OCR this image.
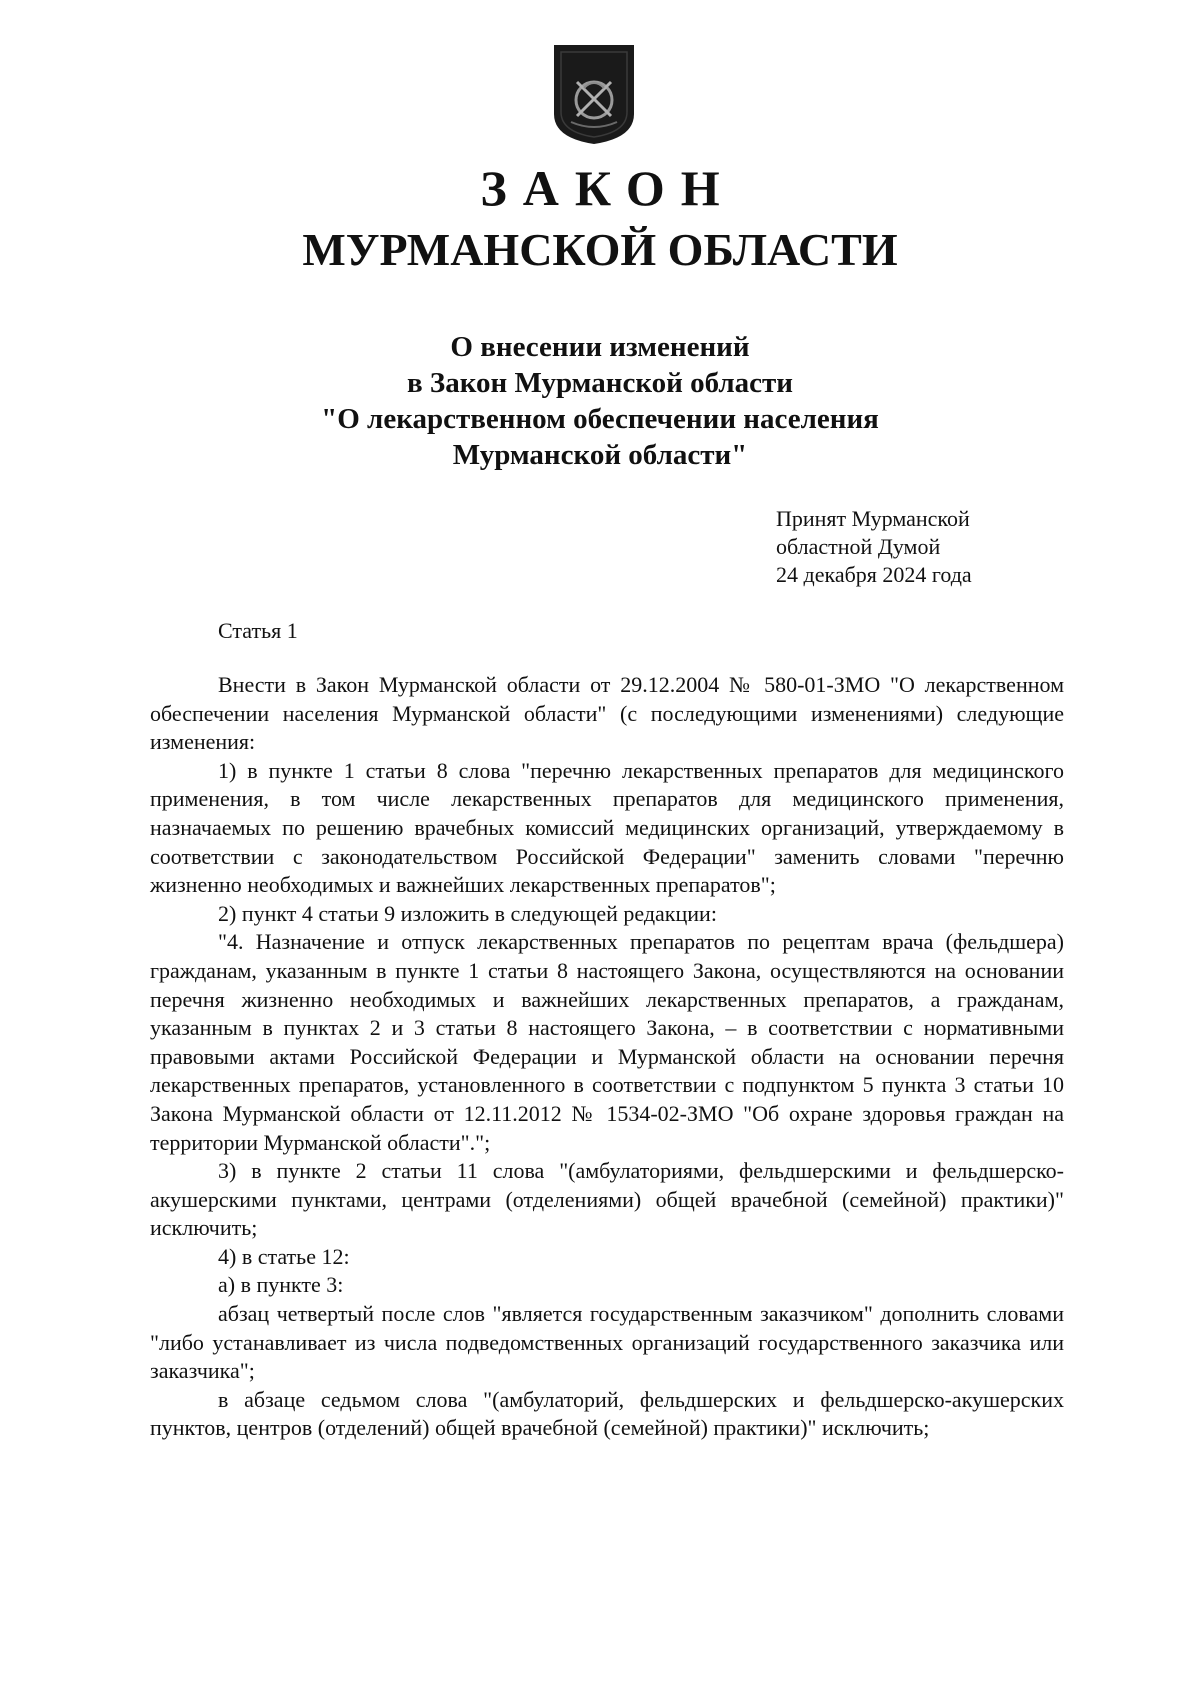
ЗАКОН
МУРМАНСКОЙ ОБЛАСТИ
О внесении изменений
в Закон Мурманской области
"О лекарственном обеспечении населения
Мурманской области"
Принят Мурманской
областной Думой
24 декабря 2024 года
Статья 1

Внести в Закон Мурманской области от 29.12.2004 № 580-01-ЗМО "О лекарственном обеспечении населения Мурманской области" (с последующими изменениями) следующие изменения:

1) в пункте 1 статьи 8 слова "перечню лекарственных препаратов для медицинского применения, в том числе лекарственных препаратов для медицинского применения, назначаемых по решению врачебных комиссий медицинских организаций, утверждаемому в соответствии с законодательством Российской Федерации" заменить словами "перечню жизненно необходимых и важнейших лекарственных препаратов";

2) пункт 4 статьи 9 изложить в следующей редакции:

"4. Назначение и отпуск лекарственных препаратов по рецептам врача (фельдшера) гражданам, указанным в пункте 1 статьи 8 настоящего Закона, осуществляются на основании перечня жизненно необходимых и важнейших лекарственных препаратов, а гражданам, указанным в пунктах 2 и 3 статьи 8 настоящего Закона, – в соответствии с нормативными правовыми актами Российской Федерации и Мурманской области на основании перечня лекарственных препаратов, установленного в соответствии с подпунктом 5 пункта 3 статьи 10 Закона Мурманской области от 12.11.2012 № 1534-02-ЗМО "Об охране здоровья граждан на территории Мурманской области".";

3) в пункте 2 статьи 11 слова "(амбулаториями, фельдшерскими и фельдшерско-акушерскими пунктами, центрами (отделениями) общей врачебной (семейной) практики)" исключить;

4) в статье 12:

а) в пункте 3:

абзац четвертый после слов "является государственным заказчиком" дополнить словами "либо устанавливает из числа подведомственных организаций государственного заказчика или заказчика";

в абзаце седьмом слова "(амбулаторий, фельдшерских и фельдшерско-акушерских пунктов, центров (отделений) общей врачебной (семейной) практики)" исключить;
